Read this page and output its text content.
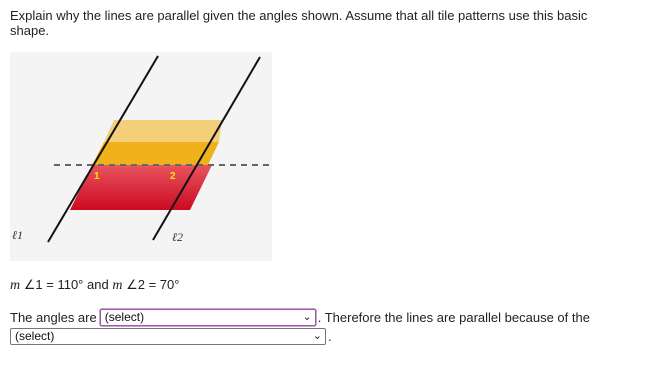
Explain why the lines are parallel given the angles shown. Assume that all tile patterns use this basic shape.

1	2
ℓ1	ℓ2
m ∠1 = 110° and m ∠2 = 70°
The angles are (select)	⌄ . Therefore the lines are parallel because of the
(select)	⌄ .
